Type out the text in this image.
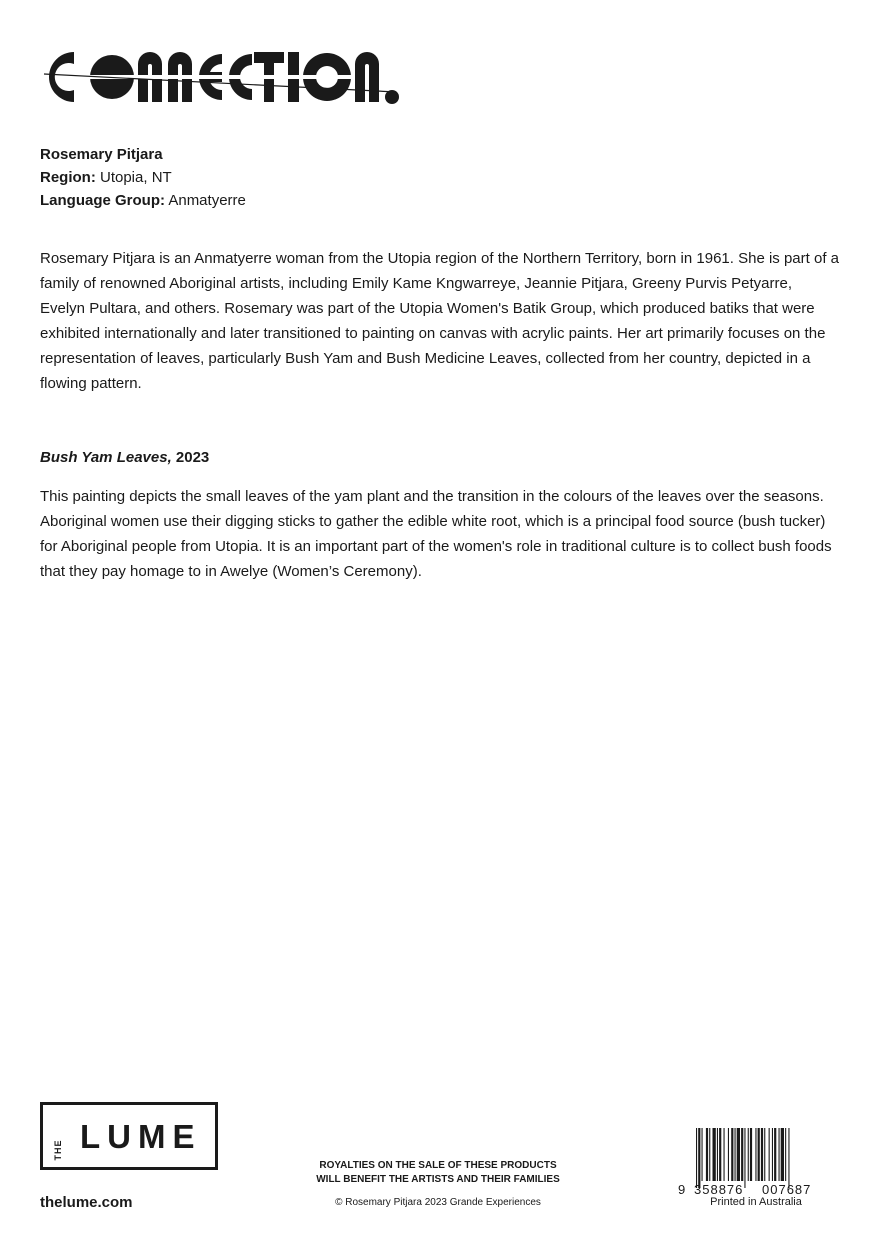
CONNECTION.
Rosemary Pitjara
Region: Utopia, NT
Language Group: Anmatyerre

Rosemary Pitjara is an Anmatyerre woman from the Utopia region of the Northern Territory, born in 1961. She is part of a family of renowned Aboriginal artists, including Emily Kame Kngwarreye, Jeannie Pitjara, Greeny Purvis Petyarre, Evelyn Pultara, and others. Rosemary was part of the Utopia Women's Batik Group, which produced batiks that were exhibited internationally and later transitioned to painting on canvas with acrylic paints. Her art primarily focuses on the representation of leaves, particularly Bush Yam and Bush Medicine Leaves, collected from her country, depicted in a flowing pattern.

Bush Yam Leaves, 2023

This painting depicts the small leaves of the yam plant and the transition in the colours of the leaves over the seasons. Aboriginal women use their digging sticks to gather the edible white root, which is a principal food source (bush tucker) for Aboriginal people from Utopia. It is an important part of the women's role in traditional culture is to collect bush foods that they pay homage to in Awelye (Women’s Ceremony).

THE LUME
thelume.com
ROYALTIES ON THE SALE OF THESE PRODUCTS
WILL BENEFIT THE ARTISTS AND THEIR FAMILIES
© Rosemary Pitjara 2023 Grande Experiences
9 358876 007687
Printed in Australia
